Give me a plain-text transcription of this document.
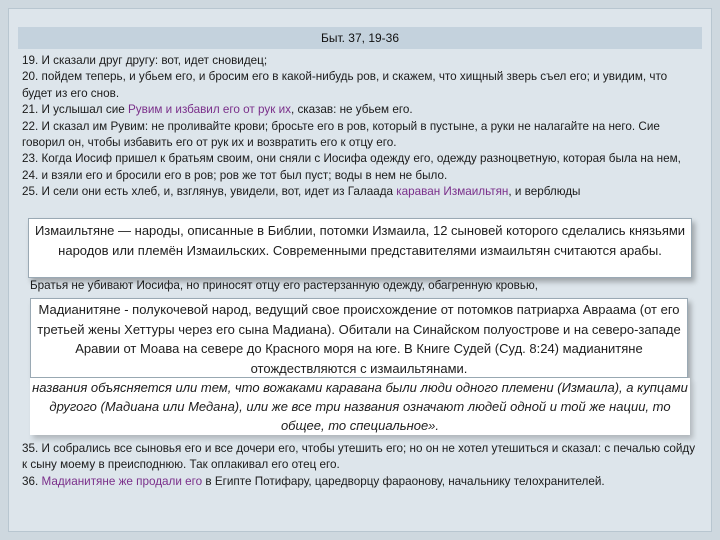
Быт. 37, 19-36

19. И сказали друг другу: вот, идет сновидец;

20. пойдем теперь, и убьем его, и бросим его в какой-нибудь ров, и скажем, что хищный зверь съел его; и увидим, что будет из его снов.

21. И услышал сие Рувим и избавил его от рук их, сказав: не убьем его.

22. И сказал им Рувим: не проливайте крови; бросьте его в ров, который в пустыне, а руки не налагайте на него. Сие говорил он, чтобы избавить его от рук их и возвратить его к отцу его.

23. Когда Иосиф пришел к братьям своим, они сняли с Иосифа одежду его, одежду разноцветную, которая была на нем,

24. и взяли его и бросили его в ров; ров же тот был пуст; воды в нем не было.

25. И сели они есть хлеб, и, взглянув, увидели, вот, идет из Галаада караван Измаильтян, и верблюды

Братья не убивают Иосифа, но приносят отцу его растерзанную одежду, обагренную кровью,
Измаильтяне — народы, описанные в Библии, потомки Измаила, 12 сыновей которого сделались князьями народов или племён Измаильских. Современными представителями измаильтян считаются арабы.
Мадианитяне - полукочевой народ, ведущий свое происхождение от потомков патриарха Авраама (от его третьей жены Хеттуры через его сына Мадиана). Обитали на Синайском полуострове и на северо-западе Аравии от Моава на севере до Красного моря на юге. В Книге Судей (Суд. 8:24) мадианитяне отождествляются с измаильтянами.
названия объясняется или тем, что вожаками каравана были люди одного племени (Измаила), а купцами другого (Мадиана или Медана), или же все три названия означают людей одной и той же нации, то общее, то специальное».

35. И собрались все сыновья его и все дочери его, чтобы утешить его; но он не хотел утешиться и сказал: с печалью сойду к сыну моему в преисподнюю. Так оплакивал его отец его.

36. Мадианитяне же продали его в Египте Потифару, царедворцу фараонову, начальнику телохранителей.
